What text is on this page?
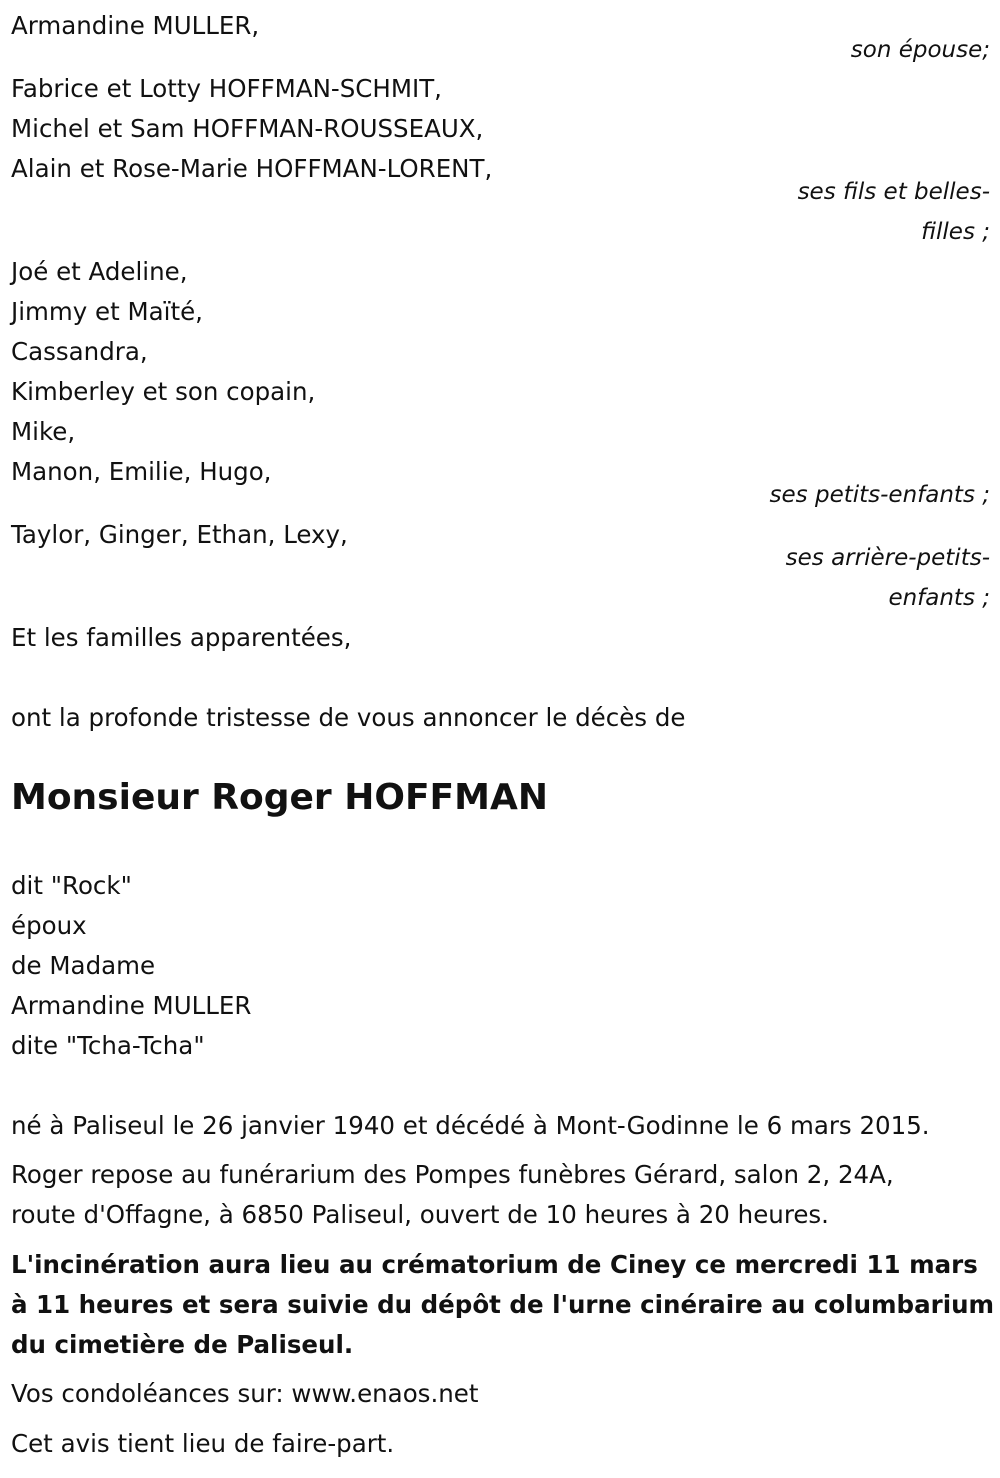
Armandine MULLER,
son épouse;
Fabrice et Lotty HOFFMAN-SCHMIT,
Michel et Sam HOFFMAN-ROUSSEAUX,
Alain et Rose-Marie HOFFMAN-LORENT,
ses fils et belles-
filles ;
Joé et Adeline,
Jimmy et Maïté,
Cassandra,
Kimberley et son copain,
Mike,
Manon, Emilie, Hugo,
ses petits-enfants ;
Taylor, Ginger, Ethan, Lexy,
ses arrière-petits-
enfants ;
Et les familles apparentées,
ont la profonde tristesse de vous annoncer le décès de
Monsieur Roger HOFFMAN
dit "Rock"
époux
de Madame
Armandine MULLER
dite "Tcha-Tcha"
né à Paliseul le 26 janvier 1940 et décédé à Mont-Godinne le 6 mars 2015.
Roger repose au funérarium des Pompes funèbres Gérard, salon 2, 24A,
route d'Offagne, à 6850 Paliseul, ouvert de 10 heures à 20 heures.
L'incinération aura lieu au crématorium de Ciney ce mercredi 11 mars
à 11 heures et sera suivie du dépôt de l'urne cinéraire au columbarium
du cimetière de Paliseul.
Vos condoléances sur: www.enaos.net
Cet avis tient lieu de faire-part.
